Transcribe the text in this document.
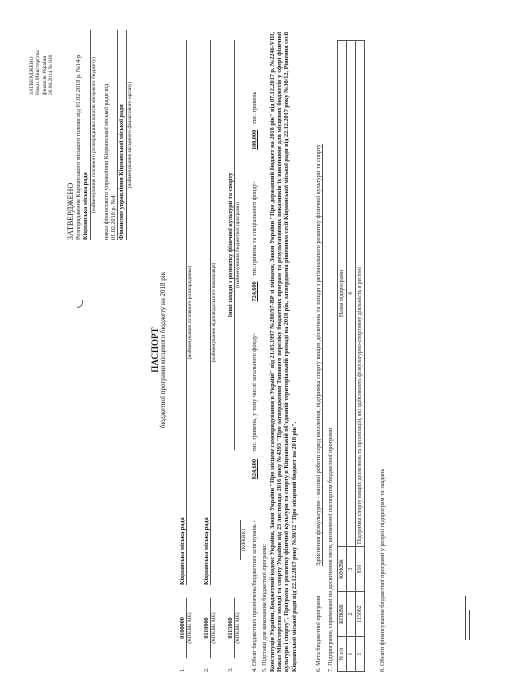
ЗАТВЕРДЖЕНО Наказ Міністерства фінансів України 26.08.2014 № 836
ЗАТВЕРДЖЕНО Розпорядження Кіцманського міського голови від 01.02.2018 р. №14-р Кіцманська міська рада (найменування головного розпорядника коштів місцевого бюджету) наказ фінансового управління Кіцманської міської ради від 01.02.2018 р. №4 Фінансове управління Кіцманської міської ради (найменування місцевого фінансового органу)
ПАСПОРТ бюджетної програми місцевого бюджету на 2018 рік
1.
0100000 (КПКВК МБ)
Кіцманська міська рада
(найменування головного розпорядника)
2.
0110000 (КПКВК МБ)
Кіцманська міська рада
(найменування відповідального виконавця)
3.
0115060 (КПКВК МБ)
(КФКВК)
Інші заходи з розвитку фізичної культури та спорту (найменування бюджетної програми)
4. Обсяг бюджетних призначень/бюджетних асигнувань - 824,600 тис. гривень, у тому числі загального фонду- 724,600 тис.гривень та спеціального фонду- 100,000 тис. гривень
5. Підстави для виконання бюджетної програми: Конституція України, Бюджетний кодекс України, Закон України "Про місцеве самоврядування в Україні" від 21.05.1997 №280/97-ВР зі змінами, Закон України "Про державний бюджет на 2018 рік" від 07.12.2017 р. №2246-VIII, Наказ Міністерства молоді та спорту України від 23 листопада 2016 року №4393 "Про затвердження Типового переліку бюджетних програм та результативних показників їх виконання для місцевих бюджетів у сфері фізичної культури і спорту", Програма з розвитку фізичної культури та спорту в Кіцманській об'єднаній територіальній громаді на 2018 рік, затверджена рішенням сесії Кіцманської міської ради від 22.12.2017 року №30/12, Рішення сесії Кіцманської міської ради від 22.12.2017 року №30/12 "Про місцевий бюджет на 2018 рік".	6. Мета бюджетної програми Здійснення фізкультурно - масової роботи серед населення, підтримка спорту вищих досягнень та заходи з регіонального розвитку фізичної культури та спорту 7. Підпрограми, спрямовані на досягнення мети, визначеної паспортом бюджетної програми N з/п	КПКВК	КФКВК	Назва підпрограми
1	2	3	4
1	115062	810	Підтримка спорту вищих досягнень та організацій, які здійснюють фізкультурно-спортивну діяльність в регіоні
8. Обсяги фінансування бюджетної програми у розрізі підпрограм та завдань
